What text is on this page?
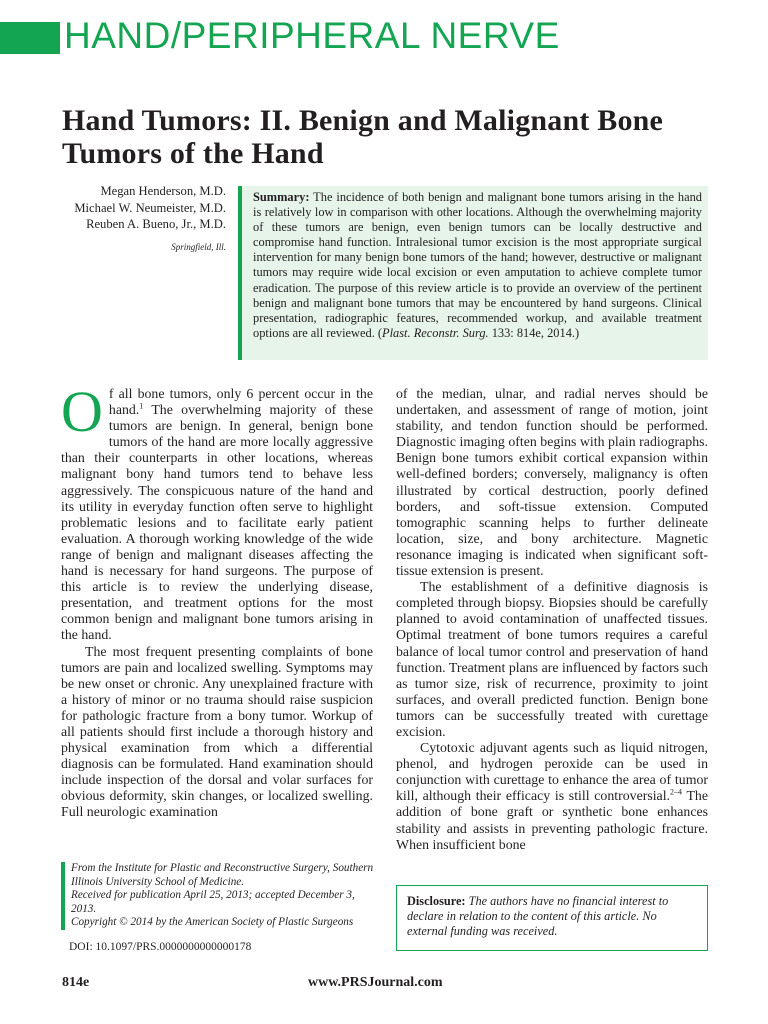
HAND/PERIPHERAL NERVE
Hand Tumors: II. Benign and Malignant Bone Tumors of the Hand
Megan Henderson, M.D.
Michael W. Neumeister, M.D.
Reuben A. Bueno, Jr., M.D.
Springfield, Ill.
Summary: The incidence of both benign and malignant bone tumors arising in the hand is relatively low in comparison with other locations. Although the overwhelming majority of these tumors are benign, even benign tumors can be locally destructive and compromise hand function. Intralesional tumor excision is the most appropriate surgical intervention for many benign bone tumors of the hand; however, destructive or malignant tumors may require wide local excision or even amputation to achieve complete tumor eradication. The purpose of this review article is to provide an overview of the pertinent benign and malignant bone tumors that may be encountered by hand surgeons. Clinical presentation, radiographic features, recommended workup, and available treatment options are all reviewed. (Plast. Reconstr. Surg. 133: 814e, 2014.)

Of all bone tumors, only 6 percent occur in the hand.$^1$ The overwhelming majority of these tumors are benign. In general, benign bone tumors of the hand are more locally aggressive than their counterparts in other locations, whereas malignant bony hand tumors tend to behave less aggressively. The conspicuous nature of the hand and its utility in everyday function often serve to highlight problematic lesions and to facilitate early patient evaluation. A thorough working knowledge of the wide range of benign and malignant diseases affecting the hand is necessary for hand surgeons. The purpose of this article is to review the underlying disease, presentation, and treatment options for the most common benign and malignant bone tumors arising in the hand.

The most frequent presenting complaints of bone tumors are pain and localized swelling. Symptoms may be new onset or chronic. Any unexplained fracture with a history of minor or no trauma should raise suspicion for pathologic fracture from a bony tumor. Workup of all patients should first include a thorough history and physical examination from which a differential diagnosis can be formulated. Hand examination should include inspection of the dorsal and volar surfaces for obvious deformity, skin changes, or localized swelling. Full neurologic examination

of the median, ulnar, and radial nerves should be undertaken, and assessment of range of motion, joint stability, and tendon function should be performed. Diagnostic imaging often begins with plain radiographs. Benign bone tumors exhibit cortical expansion within well-defined borders; conversely, malignancy is often illustrated by cortical destruction, poorly defined borders, and soft-tissue extension. Computed tomographic scanning helps to further delineate location, size, and bony architecture. Magnetic resonance imaging is indicated when significant soft-tissue extension is present.

The establishment of a definitive diagnosis is completed through biopsy. Biopsies should be carefully planned to avoid contamination of unaffected tissues. Optimal treatment of bone tumors requires a careful balance of local tumor control and preservation of hand function. Treatment plans are influenced by factors such as tumor size, risk of recurrence, proximity to joint surfaces, and overall predicted function. Benign bone tumors can be successfully treated with curettage excision.

Cytotoxic adjuvant agents such as liquid nitrogen, phenol, and hydrogen peroxide can be used in conjunction with curettage to enhance the area of tumor kill, although their efficacy is still controversial.$^{2-4}$ The addition of bone graft or synthetic bone enhances stability and assists in preventing pathologic fracture. When insufficient bone

From the Institute for Plastic and Reconstructive Surgery, Southern Illinois University School of Medicine.
Received for publication April 25, 2013; accepted December 3, 2013.
Copyright © 2014 by the American Society of Plastic Surgeons
DOI: 10.1097/PRS.0000000000000178
Disclosure: The authors have no financial interest to declare in relation to the content of this article. No external funding was received.
814e	www.PRSJournal.com
